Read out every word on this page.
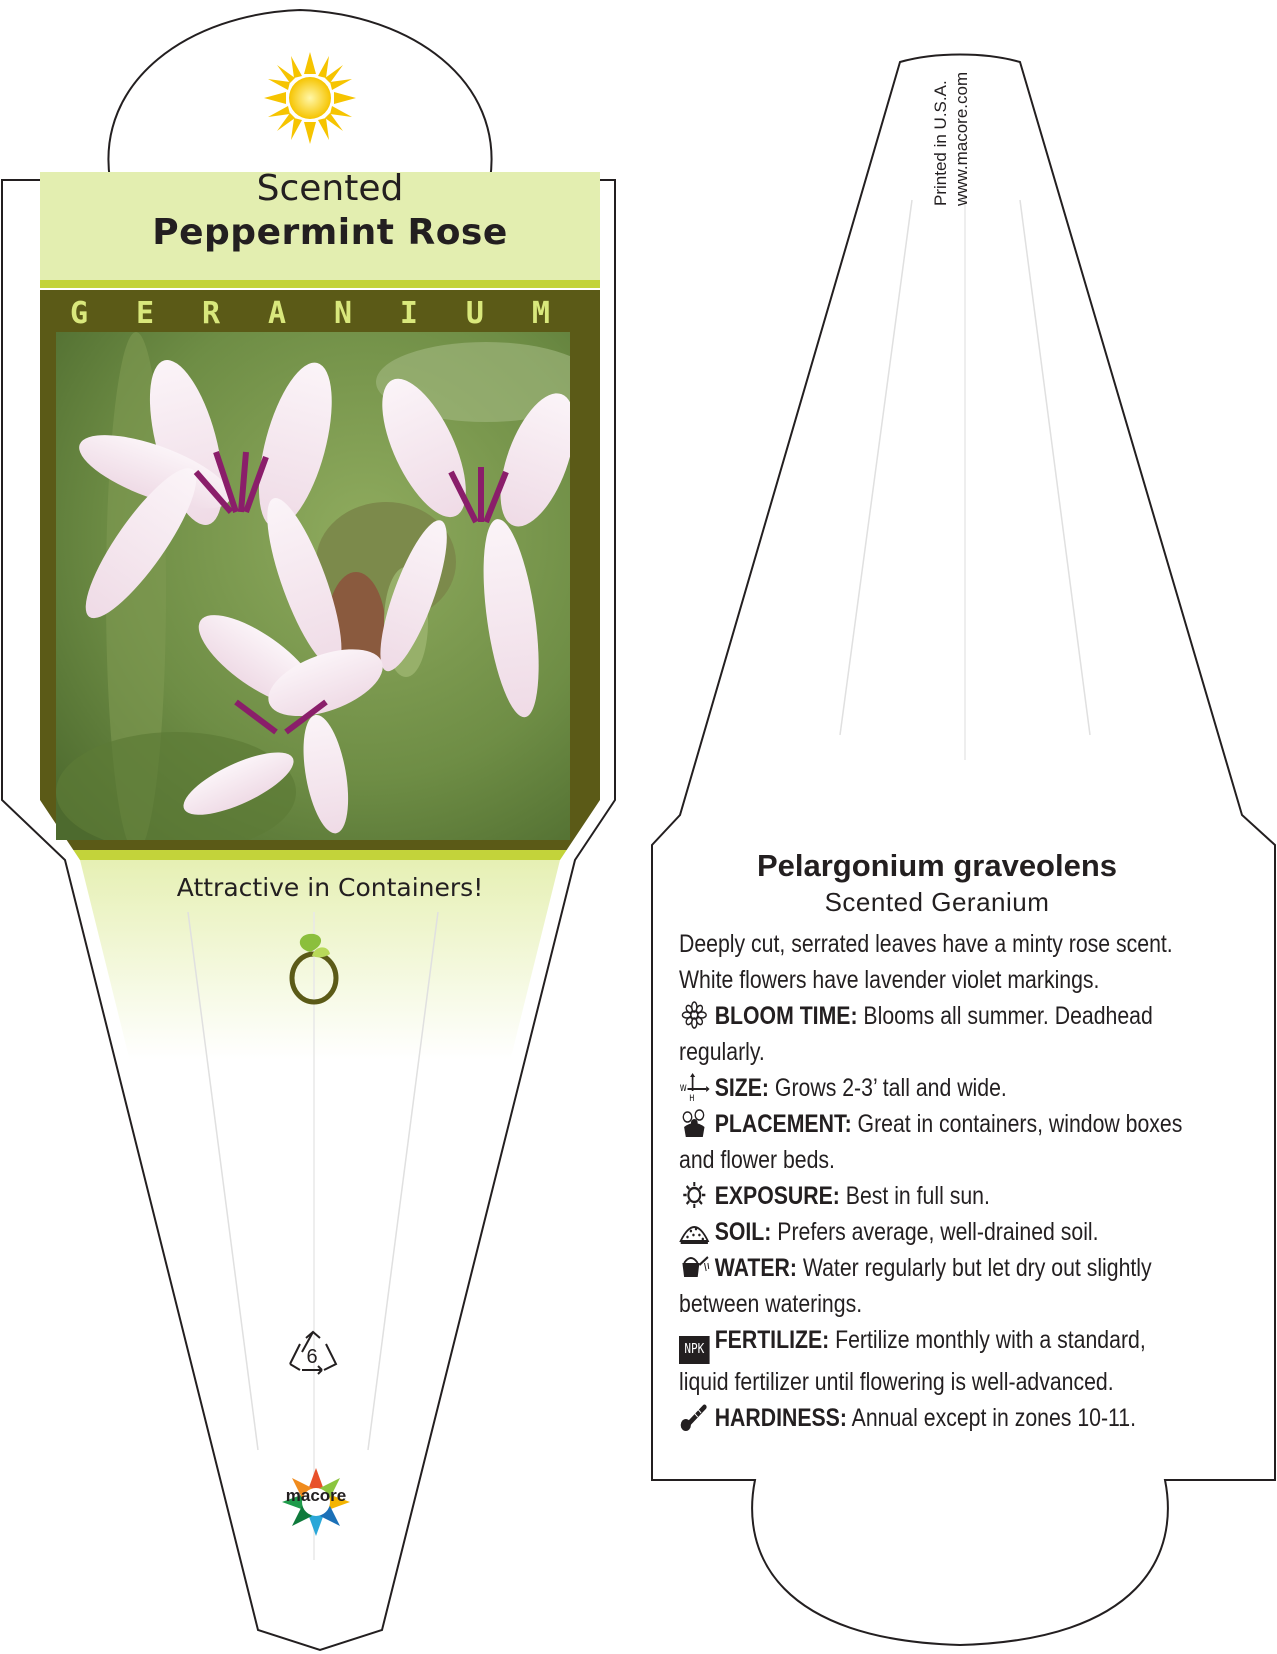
Scented
Peppermint Rose
G E R A N I U M
Attractive in Containers!
6
macore
Printed in U.S.A. www.macore.com
Pelargonium graveolens
Scented Geranium

Deeply cut, serrated leaves have a minty rose scent.

White flowers have lavender violet markings.

BLOOM TIME: Blooms all summer. Deadhead

regularly.

W
H SIZE: Grows 2-3’ tall and wide.

PLACEMENT: Great in containers, window boxes

and flower beds.

EXPOSURE: Best in full sun.

SOIL: Prefers average, well-drained soil.

WATER: Water regularly but let dry out slightly

between waterings.

NPK FERTILIZE: Fertilize monthly with a standard,

liquid fertilizer until flowering is well-advanced.

HARDINESS: Annual except in zones 10-11.
